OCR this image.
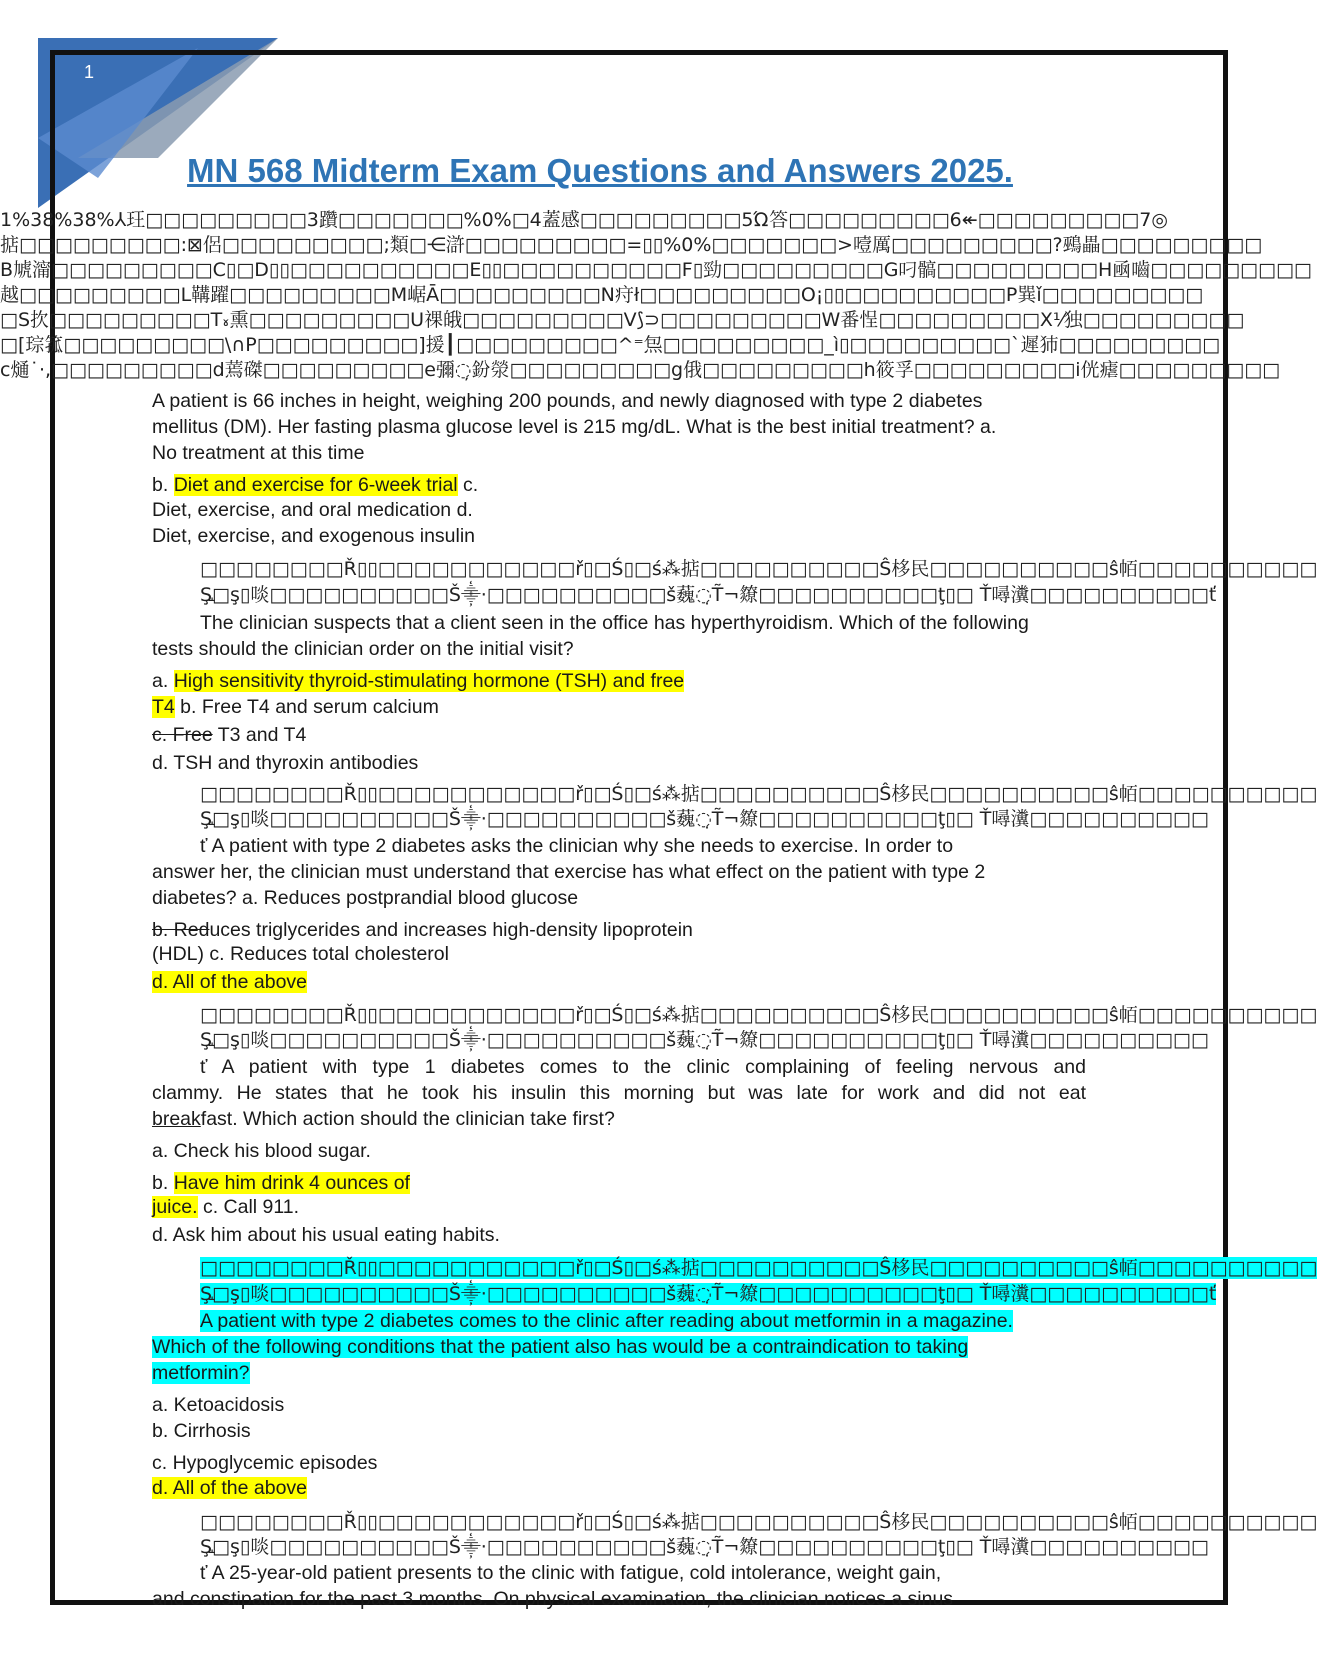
1
MN 568 Midterm Exam Questions and Answers 2025.
1%38%38%⅄玨□□□□□□□□□3躦□□□□□□□%0%□4蓋感□□□□□□□□□5Ώ答□□□□□□□□□6↞□□□□□□□□□7◎
掂□□□□□□□□□:⊠侶□□□□□□□□□;類□⋲滸□□□□□□□□□=▯▯%0%□□□□□□□>噎厲□□□□□□□□□?鵐畾□□□□□□□□□
B虓澝□□□□□□□□□C▯□D▯▯□□□□□□□□□□E▯▯□□□□□□□□□□F▯勁□□□□□□□□□G叼髇□□□□□□□□□H凾嚙□□□□□□□□□
越□□□□□□□□□L鞲躍□□□□□□□□□M崌Ā□□□□□□□□□N疛ł□□□□□□□□□O¡▯▯□□□□□□□□□P巽ǐ□□□□□□□□□
□S扻□□□□□□□□□T៵熏□□□□□□□□□U祼皒□□□□□□□□□V⟆⊃□□□□□□□□□W番悜□□□□□□□□□X⅟独□□□□□□□□□
□[琮箛□□□□□□□□□\∩P□□□□□□□□□]援┃□□□□□□□□□^⁼炰□□□□□□□□□_ì▯□□□□□□□□□`遲犻□□□□□□□□□
c熥˙·,□□□□□□□□□d蔫磔□□□□□□□□□e彌◌̦鈖滎□□□□□□□□□g俄□□□□□□□□□h筱孚□□□□□□□□□i侊瘧□□□□□□□□□
A patient is 66 inches in height, weighing 200 pounds, and newly diagnosed with type 2 diabetes
mellitus (DM). Her fasting plasma glucose level is 215 mg/dL. What is the best initial treatment? a.
No treatment at this time
b. Diet and exercise for 6-week trial c.
Diet, exercise, and oral medication d.
Diet, exercise, and exogenous insulin
□□□□□□□□Ř▯▯□□□□□□□□□□□ř▯□Ś▯□ś⁂掂□□□□□□□□□□Ŝ栘民□□□□□□□□□□ŝ帞□□□□□□□□□□
Ş꜡□ş▯啖□□□□□□□□□□Š⸎·□□□□□□□□□□š蘶◌̣T̃¬爒□□□□□□□□□□ţ▯□ Ť噚瀵□□□□□□□□□□ť
The clinician suspects that a client seen in the office has hyperthyroidism. Which of the following
tests should the clinician order on the initial visit?
a. High sensitivity thyroid-stimulating hormone (TSH) and free
T4 b. Free T4 and serum calcium
c. Free T3 and T4
d. TSH and thyroxin antibodies
□□□□□□□□Ř▯▯□□□□□□□□□□□ř▯□Ś▯□ś⁂掂□□□□□□□□□□Ŝ栘民□□□□□□□□□□ŝ帞□□□□□□□□□□
Ş꜡□ş▯啖□□□□□□□□□□Š⸎·□□□□□□□□□□š蘶◌̣T̃¬爒□□□□□□□□□□ţ▯□ Ť噚瀵□□□□□□□□□□
ť A patient with type 2 diabetes asks the clinician why she needs to exercise. In order to
answer her, the clinician must understand that exercise has what effect on the patient with type 2
diabetes? a. Reduces postprandial blood glucose
b. Reduces triglycerides and increases high-density lipoprotein
(HDL) c. Reduces total cholesterol
d. All of the above
□□□□□□□□Ř▯▯□□□□□□□□□□□ř▯□Ś▯□ś⁂掂□□□□□□□□□□Ŝ栘民□□□□□□□□□□ŝ帞□□□□□□□□□□
Ş꜡□ş▯啖□□□□□□□□□□Š⸎·□□□□□□□□□□š蘶◌̣T̃¬爒□□□□□□□□□□ţ▯□ Ť噚瀵□□□□□□□□□□
ť A patient with type 1 diabetes comes to the clinic complaining of feeling nervous and
clammy. He states that he took his insulin this morning but was late for work and did not eat
breakfast. Which action should the clinician take first?
a. Check his blood sugar.
b. Have him drink 4 ounces of
juice. c. Call 911.
d. Ask him about his usual eating habits.
□□□□□□□□Ř▯▯□□□□□□□□□□□ř▯□Ś▯□ś⁂掂□□□□□□□□□□Ŝ栘民□□□□□□□□□□ŝ帞□□□□□□□□□□
Ş꜡□ş▯啖□□□□□□□□□□Š⸎·□□□□□□□□□□š蘶◌̣T̃¬爒□□□□□□□□□□ţ▯□ Ť噚瀵□□□□□□□□□□ť
A patient with type 2 diabetes comes to the clinic after reading about metformin in a magazine.
Which of the following conditions that the patient also has would be a contraindication to taking
metformin?
a. Ketoacidosis
b. Cirrhosis
c. Hypoglycemic episodes
d. All of the above
□□□□□□□□Ř▯▯□□□□□□□□□□□ř▯□Ś▯□ś⁂掂□□□□□□□□□□Ŝ栘民□□□□□□□□□□ŝ帞□□□□□□□□□□
Ş꜡□ş▯啖□□□□□□□□□□Š⸎·□□□□□□□□□□š蘶◌̣T̃¬爒□□□□□□□□□□ţ▯□ Ť噚瀵□□□□□□□□□□
ť A 25-year-old patient presents to the clinic with fatigue, cold intolerance, weight gain,
and constipation for the past 3 months. On physical examination, the clinician notices a sinus
